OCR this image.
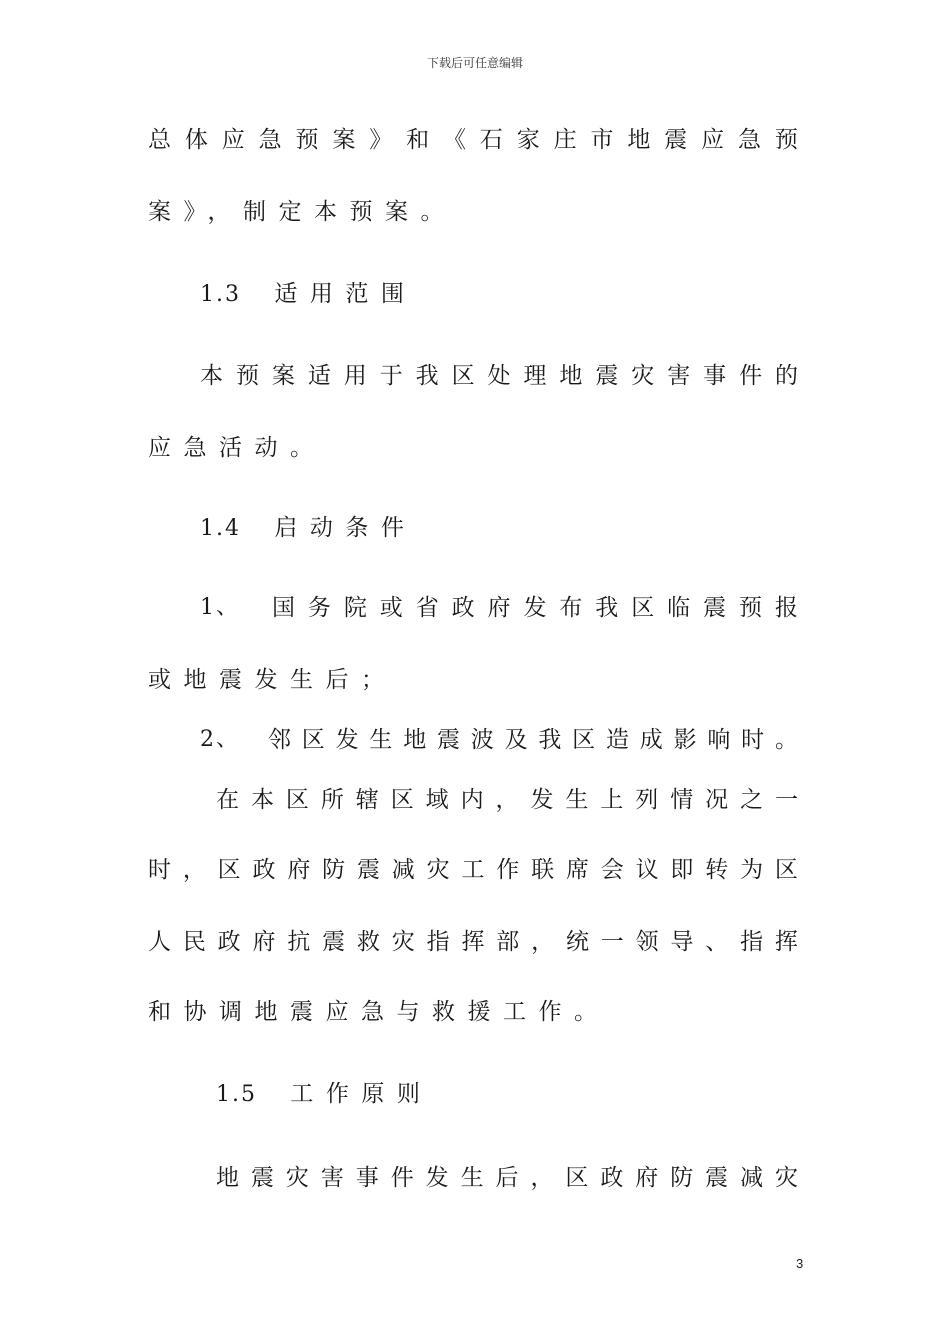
下载后可任意编辑
总 体 应 急 预 案 》 和 《 石 家 庄 市 地 震 应 急 预
案》，制定本预案。
1.3 适用范围
本 预 案 适 用 于 我 区 处 理 地 震 灾 害 事 件 的
应急活动。
1.4 启动条件
1、	国 务 院 或 省 政 府 发 布 我 区 临 震 预 报
或地震发生后；
2、	邻 区 发 生 地 震 波 及 我 区 造 成 影 响 时 。
在 本 区 所 辖 区 域 内 ， 发 生 上 列 情 况 之 一
时 ， 区 政 府 防 震 减 灾 工 作 联 席 会 议 即 转 为 区
人 民 政 府 抗 震 救 灾 指 挥 部 ， 统 一 领 导 、 指 挥
和协调地震应急与救援工作。
1.5 工作原则
地 震 灾 害 事 件 发 生 后 ， 区 政 府 防 震 减 灾
3
